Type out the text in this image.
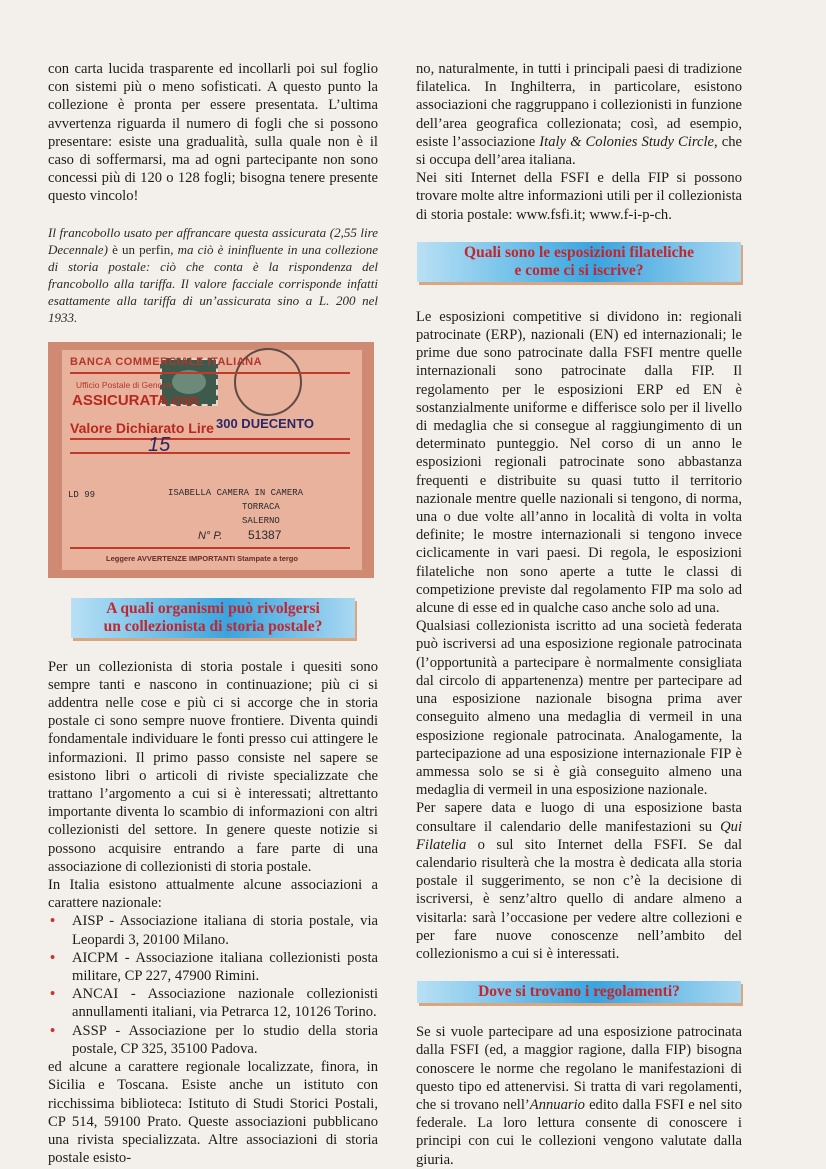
con carta lucida trasparente ed incollarli poi sul foglio con sistemi più o meno sofisticati. A questo punto la collezione è pronta per essere presentata. L’ultima avvertenza riguarda il numero di fogli che si possono presentare: esiste una gradualità, sulla quale non è il caso di soffermarsi, ma ad ogni partecipante non sono concessi più di 120 o 128 fogli; bisogna tenere presente questo vincolo!

Il francobollo usato per affrancare questa assicurata (2,55 lire Decennale) è un perfin, ma ciò è ininfluente in una collezione di storia postale: ciò che conta è la rispondenza del francobollo alla tariffa. Il valore facciale corrisponde infatti esattamente alla tariffa di un’assicurata sino a L. 200 nel 1933.

BANCA COMMERCIALE ITALIANA
Ufficio Postale di Genova
ASSICURATA con
Valore Dichiarato Lire 300 DUECENTO
15
LD 99	ISABELLA CAMERA IN CAMERA
TORRACA
SALERNO
N° P. 51387
Leggere AVVERTENZE IMPORTANTI Stampate a tergo
A quali organismi può rivolgersi
un collezionista di storia postale?

Per un collezionista di storia postale i quesiti sono sempre tanti e nascono in continuazione; più ci si addentra nelle cose e più ci si accorge che in storia postale ci sono sempre nuove frontiere. Diventa quindi fondamentale individuare le fonti presso cui attingere le informazioni. Il primo passo consiste nel sapere se esistono libri o articoli di riviste specializzate che trattano l’argomento a cui si è interessati; altrettanto importante diventa lo scambio di informazioni con altri collezionisti del settore. In genere queste notizie si possono acquisire entrando a fare parte di una associazione di collezionisti di storia postale.

In Italia esistono attualmente alcune associazioni a carattere nazionale:

• AISP - Associazione italiana di storia postale, via Leopardi 3, 20100 Milano.
• AICPM - Associazione italiana collezionisti posta militare, CP 227, 47900 Rimini.
• ANCAI - Associazione nazionale collezionisti annullamenti italiani, via Petrarca 12, 10126 Torino.
• ASSP - Associazione per lo studio della storia postale, CP 325, 35100 Padova.

ed alcune a carattere regionale localizzate, finora, in Sicilia e Toscana. Esiste anche un istituto con ricchissima biblioteca: Istituto di Studi Storici Postali, CP 514, 59100 Prato. Queste associazioni pubblicano una rivista specializzata. Altre associazioni di storia postale esisto-

no, naturalmente, in tutti i principali paesi di tradizione filatelica. In Inghilterra, in particolare, esistono associazioni che raggruppano i collezionisti in funzione dell’area geografica collezionata; così, ad esempio, esiste l’associazione Italy & Colonies Study Circle, che si occupa dell’area italiana.

Nei siti Internet della FSFI e della FIP si possono trovare molte altre informazioni utili per il collezionista di storia postale: www.fsfi.it; www.f-i-p-ch.

Quali sono le esposizioni filateliche
e come ci si iscrive?

Le esposizioni competitive si dividono in: regionali patrocinate (ERP), nazionali (EN) ed internazionali; le prime due sono patrocinate dalla FSFI mentre quelle internazionali sono patrocinate dalla FIP. Il regolamento per le esposizioni ERP ed EN è sostanzialmente uniforme e differisce solo per il livello di medaglia che si consegue al raggiungimento di un determinato punteggio. Nel corso di un anno le esposizioni regionali patrocinate sono abbastanza frequenti e distribuite su quasi tutto il territorio nazionale mentre quelle nazionali si tengono, di norma, una o due volte all’anno in località di volta in volta definite; le mostre internazionali si tengono invece ciclicamente in vari paesi. Di regola, le esposizioni filateliche non sono aperte a tutte le classi di competizione previste dal regolamento FIP ma solo ad alcune di esse ed in qualche caso anche solo ad una.

Qualsiasi collezionista iscritto ad una società federata può iscriversi ad una esposizione regionale patrocinata (l’opportunità a partecipare è normalmente consigliata dal circolo di appartenenza) mentre per partecipare ad una esposizione nazionale bisogna prima aver conseguito almeno una medaglia di vermeil in una esposizione regionale patrocinata. Analogamente, la partecipazione ad una esposizione internazionale FIP è ammessa solo se si è già conseguito almeno una medaglia di vermeil in una esposizione nazionale.

Per sapere data e luogo di una esposizione basta consultare il calendario delle manifestazioni su Qui Filatelia o sul sito Internet della FSFI. Se dal calendario risulterà che la mostra è dedicata alla storia postale il suggerimento, se non c’è la decisione di iscriversi, è senz’altro quello di andare almeno a visitarla: sarà l’occasione per vedere altre collezioni e per fare nuove conoscenze nell’ambito del collezionismo a cui si è interessati.

Dove si trovano i regolamenti?

Se si vuole partecipare ad una esposizione patrocinata dalla FSFI (ed, a maggior ragione, dalla FIP) bisogna conoscere le norme che regolano le manifestazioni di questo tipo ed attenervisi. Si tratta di vari regolamenti, che si trovano nell’Annuario edito dalla FSFI e nel sito federale. La loro lettura consente di conoscere i principi con cui le collezioni vengono valutate dalla giuria.
